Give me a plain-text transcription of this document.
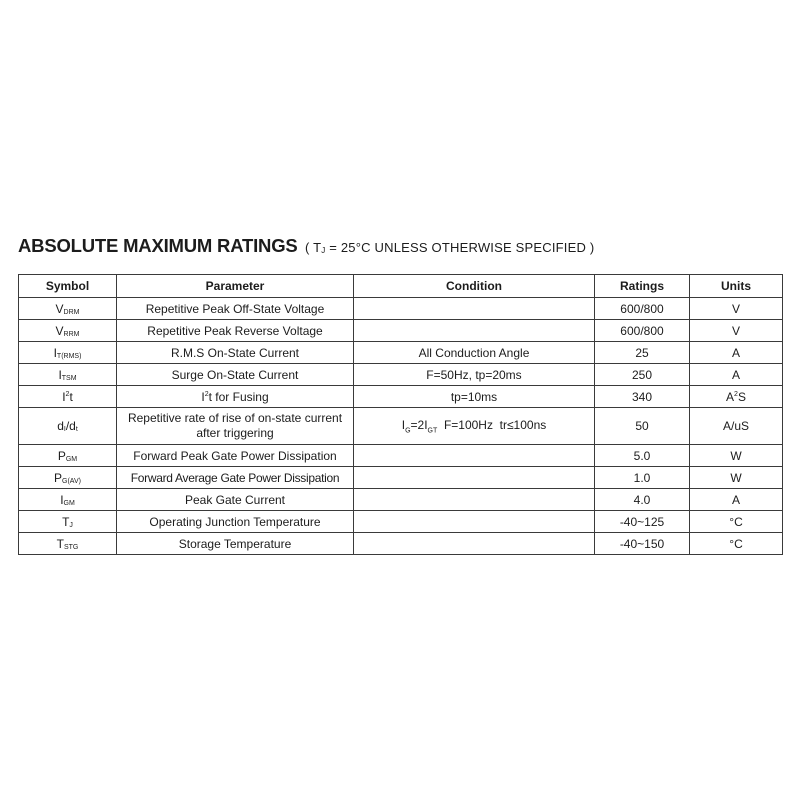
ABSOLUTE MAXIMUM RATINGS ( $T_J = 25^\circ C$ UNLESS OTHERWISE SPECIFIED )
Symbol	Parameter	Condition	Ratings	Units
$V_{DRM}$	Repetitive Peak Off-State Voltage		600/800	V
$V_{RRM}$	Repetitive Peak Reverse Voltage		600/800	V
$I_{T(RMS)}$	R.M.S On-State Current	All Conduction Angle	25	A
$I_{TSM}$	Surge On-State Current	F=50Hz, tp=20ms	250	A
$I^2t$	$I^2t$ for Fusing	tp=10ms	340	$A^2S$
$d_I/d_t$	Repetitive rate of rise of on-state current after triggering	$I_G=2I_{GT}$  F=100Hz  tr≤100ns	50	A/uS
$P_{GM}$	Forward Peak Gate Power Dissipation		5.0	W
$P_{G(AV)}$	Forward Average Gate Power Dissipation		1.0	W
$I_{GM}$	Peak Gate Current		4.0	A
$T_J$	Operating Junction Temperature		-40~125	°C
$T_{STG}$	Storage Temperature		-40~150	°C
